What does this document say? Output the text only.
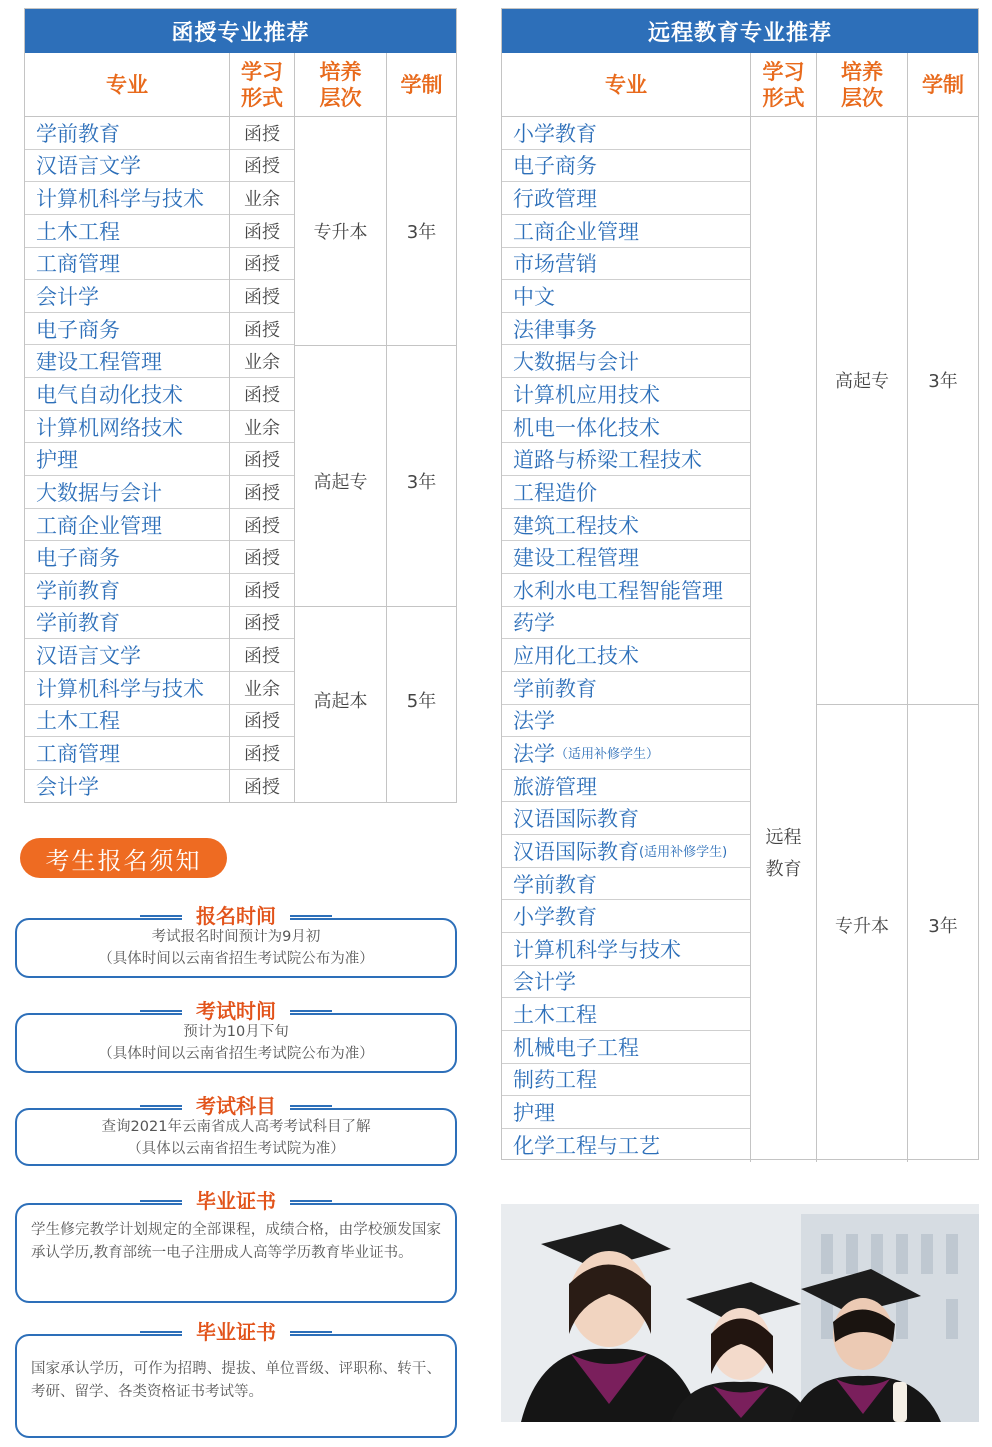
函授专业推荐
专业
学习
形式
培养
层次
学制
学前教育
汉语言文学
计算机科学与技术
土木工程
工商管理
会计学
电子商务
建设工程管理
电气自动化技术
计算机网络技术
护理
大数据与会计
工商企业管理
电子商务
学前教育
学前教育
汉语言文学
计算机科学与技术
土木工程
工商管理
会计学
函授
函授
业余
函授
函授
函授
函授
业余
函授
业余
函授
函授
函授
函授
函授
函授
函授
业余
函授
函授
函授
专升本
高起专
高起本
3年
3年
5年
远程教育专业推荐
专业
学习
形式
培养
层次
学制
小学教育
电子商务
行政管理
工商企业管理
市场营销
中文
法律事务
大数据与会计
计算机应用技术
机电一体化技术
道路与桥梁工程技术
工程造价
建筑工程技术
建设工程管理
水利水电工程智能管理
药学
应用化工技术
学前教育
法学
法学 （适用补修学生）
旅游管理
汉语国际教育
汉语国际教育 (适用补修学生)
学前教育
小学教育
计算机科学与技术
会计学
土木工程
机械电子工程
制药工程
护理
化学工程与工艺
远程
教育
高起专
专升本
3年
3年
考生报名须知
报名时间
考试报名时间预计为9月初
（具体时间以云南省招生考试院公布为准）
考试时间
预计为10月下旬
（具体时间以云南省招生考试院公布为准）
考试科目
查询2021年云南省成人高考考试科目了解
（具体以云南省招生考试院为准）
毕业证书
学生修完教学计划规定的全部课程，成绩合格，由学校颁发国家承认学历,教育部统一电子注册成人高等学历教育毕业证书。
毕业证书
国家承认学历，可作为招聘、提拔、单位晋级、评职称、转干、考研、留学、各类资格证书考试等。
